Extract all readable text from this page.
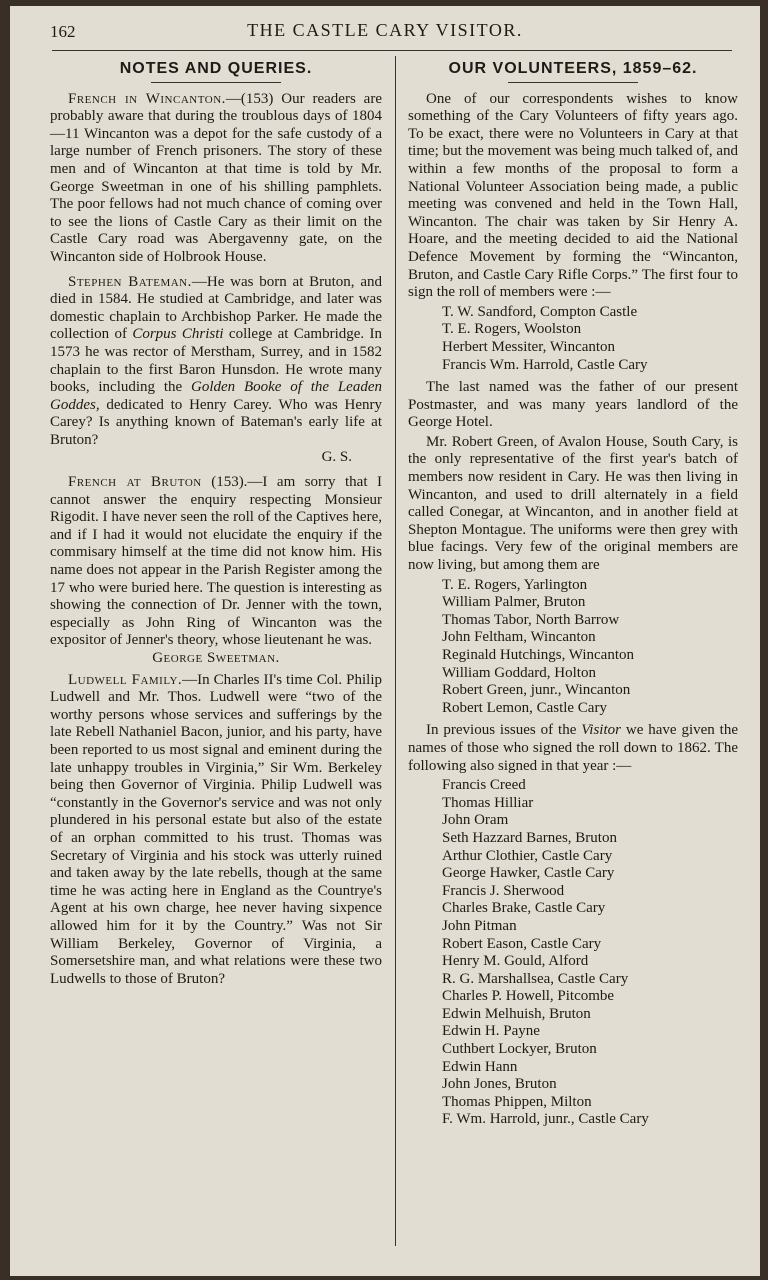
162	THE CASTLE CARY VISITOR.
NOTES AND QUERIES.

French in Wincanton.—(153) Our readers are probably aware that during the troublous days of 1804—11 Wincanton was a depot for the safe custody of a large number of French prisoners. The story of these men and of Wincanton at that time is told by Mr. George Sweetman in one of his shilling pamphlets. The poor fellows had not much chance of coming over to see the lions of Castle Cary as their limit on the Castle Cary road was Abergavenny gate, on the Wincanton side of Holbrook House.

Stephen Bateman.—He was born at Bruton, and died in 1584. He studied at Cambridge, and later was domestic chaplain to Archbishop Parker. He made the collection of Corpus Christi college at Cambridge. In 1573 he was rector of Merstham, Surrey, and in 1582 chaplain to the first Baron Hunsdon. He wrote many books, including the Golden Booke of the Leaden Goddes, dedicated to Henry Carey. Who was Henry Carey? Is anything known of Bateman's early life at Bruton?

G. S.

French at Bruton (153).—I am sorry that I cannot answer the enquiry respecting Monsieur Rigodit. I have never seen the roll of the Captives here, and if I had it would not elucidate the enquiry if the commisary himself at the time did not know him. His name does not appear in the Parish Register among the 17 who were buried here. The question is interesting as showing the connection of Dr. Jenner with the town, especially as John Ring of Wincanton was the expositor of Jenner's theory, whose lieutenant he was.

George Sweetman.

Ludwell Family.—In Charles II's time Col. Philip Ludwell and Mr. Thos. Ludwell were “two of the worthy persons whose services and sufferings by the late Rebell Nathaniel Bacon, junior, and his party, have been reported to us most signal and eminent during the late unhappy troubles in Virginia,” Sir Wm. Berkeley being then Governor of Virginia. Philip Ludwell was “constantly in the Governor's service and was not only plundered in his personal estate but also of the estate of an orphan committed to his trust. Thomas was Secretary of Virginia and his stock was utterly ruined and taken away by the late rebells, though at the same time he was acting here in England as the Countrye's Agent at his own charge, hee never having sixpence allowed him for it by the Country.” Was not Sir William Berkeley, Governor of Virginia, a Somersetshire man, and what relations were these two Ludwells to those of Bruton?

OUR VOLUNTEERS, 1859–62.

One of our correspondents wishes to know something of the Cary Volunteers of fifty years ago. To be exact, there were no Volunteers in Cary at that time; but the movement was being much talked of, and within a few months of the proposal to form a National Volunteer Association being made, a public meeting was convened and held in the Town Hall, Wincanton. The chair was taken by Sir Henry A. Hoare, and the meeting decided to aid the National Defence Movement by forming the “Wincanton, Bruton, and Castle Cary Rifle Corps.” The first four to sign the roll of members were :—

T. W. Sandford, Compton Castle
T. E. Rogers, Woolston
Herbert Messiter, Wincanton
Francis Wm. Harrold, Castle Cary

The last named was the father of our present Postmaster, and was many years landlord of the George Hotel.

Mr. Robert Green, of Avalon House, South Cary, is the only representative of the first year's batch of members now resident in Cary. He was then living in Wincanton, and used to drill alternately in a field called Conegar, at Wincanton, and in another field at Shepton Montague. The uniforms were then grey with blue facings. Very few of the original members are now living, but among them are

T. E. Rogers, Yarlington
William Palmer, Bruton
Thomas Tabor, North Barrow
John Feltham, Wincanton
Reginald Hutchings, Wincanton
William Goddard, Holton
Robert Green, junr., Wincanton
Robert Lemon, Castle Cary

In previous issues of the Visitor we have given the names of those who signed the roll down to 1862. The following also signed in that year :—

Francis Creed
Thomas Hilliar
John Oram
Seth Hazzard Barnes, Bruton
Arthur Clothier, Castle Cary
George Hawker, Castle Cary
Francis J. Sherwood
Charles Brake, Castle Cary
John Pitman
Robert Eason, Castle Cary
Henry M. Gould, Alford
R. G. Marshallsea, Castle Cary
Charles P. Howell, Pitcombe
Edwin Melhuish, Bruton
Edwin H. Payne
Cuthbert Lockyer, Bruton
Edwin Hann
John Jones, Bruton
Thomas Phippen, Milton
F. Wm. Harrold, junr., Castle Cary
